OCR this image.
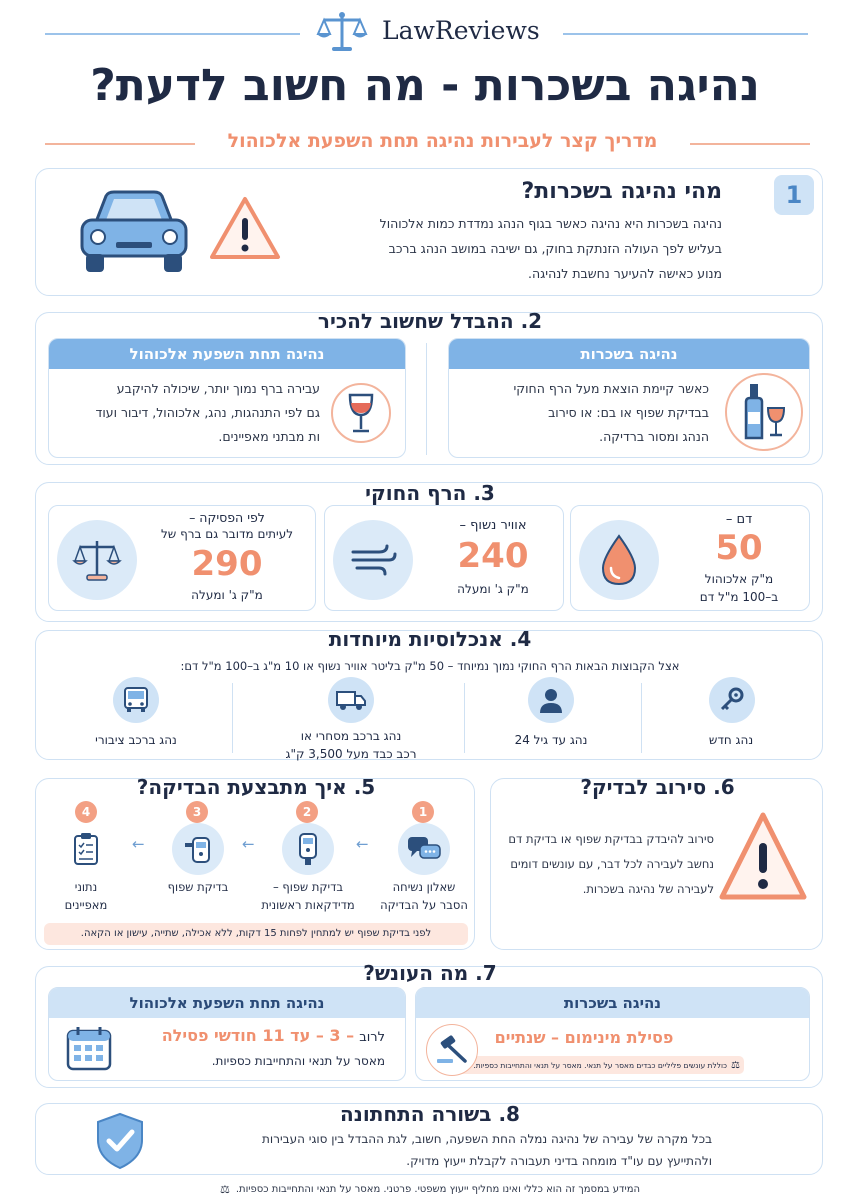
LawReviews
נהיגה בשכרות - מה חשוב לדעת?
מדריך קצר לעבירות נהיגה תחת השפעת אלכוהול
1
מהי נהיגה בשכרות?
נהיגה בשכרות היא נהיגה כאשר בגוף הנהג נמדדת כמות אלכוהול
בעליש לפך העולה הזנתקת בחוק, גם ישיבה במושב הנהג ברכב
מנוע כאישה להעיער נחשבת לנהיגה.
2. ההבדל שחשוב להכיר
נהיגה בשכרות
כאשר קיימת הוצאת מעל הרף החוקי
בבדיקת שפוף או בם: או סירוב
הנהג ומסור ברדיקה.
נהיגה תחת השפעת אלכוהול
עבירה ברף נמוך יותר, שיכולה להיקבע
גם לפי התנהגות, נהג, אלכוהול, דיבור ועוד
ות מבתני מאפיינים.
3. הרף החוקי
דם –
50
מ"ק אלכוהול
ב–100 מ"ל דם
אוויר נשוף –
240
מ"ק ג' ומעלה
לפי הפסיקה –
לעיתים מדובר גם ברף של
290
מ"ק ג' ומעלה
4. אנכלוסיות מיוחדות
אצל הקבוצות הבאות הרף החוקי נמוך נמיוחד – 50 מ"ק בליטר אוויר נשוף או 10 מ"ג ב–100 מ"ל דם:
נהג חדש
נהג עד גיל 24
נהג ברכב מסחרי או
רכב כבד מעל 3,500 ק"ג
נהג ברכב ציבורי
5. איך מתבצעת הבדיקה?
1
שאלון נשיחה
הסבר על הבדיקה
←
2
בדיקת שפוף –
מדידקאות ראשונית
←
3
בדיקת שפוף
←
4
נתוני
מאפיינים
לפני בדיקת שפוף יש למתחין לפחות 15 דקות, ללא אכילה, שתייה, עישון או הקאה.
6. סירוב לבדיק?
סירוב להיבדק בבדיקת שפוף או בדיקת דם
נחשב לעבירה לכל דבר, עם עונשים דומים
לעבירה של נהיגה בשכרות.
7. מה העונש?
נהיגה בשכרות
פסילת מינימום – שנתיים
כוללת עונשים פליליים כבדים מאסר על תנאי. מאסר על תנאי והתחייבות כספיות. ⚖
נהיגה תחת השפעת אלכוהול
לרוב – 3 – עד 11 חודשי פסילה
מאסר על תנאי והתחייבות כספיות.
8. בשורה התחתונה
בכל מקרה של עבירה של נהיגה נמלה החת השפעה, חשוב, לגת ההבדל בין סוגי העבירות
ולהתייעץ עם עו"ד מומחה בדיני תעבורה לקבלת ייעוץ מדויק.
המידע במסמך זה הוא כללי ואינו מחליף ייעוץ משפטי. פרטני. מאסר על תנאי והתחייבות כספיות.
⚖
